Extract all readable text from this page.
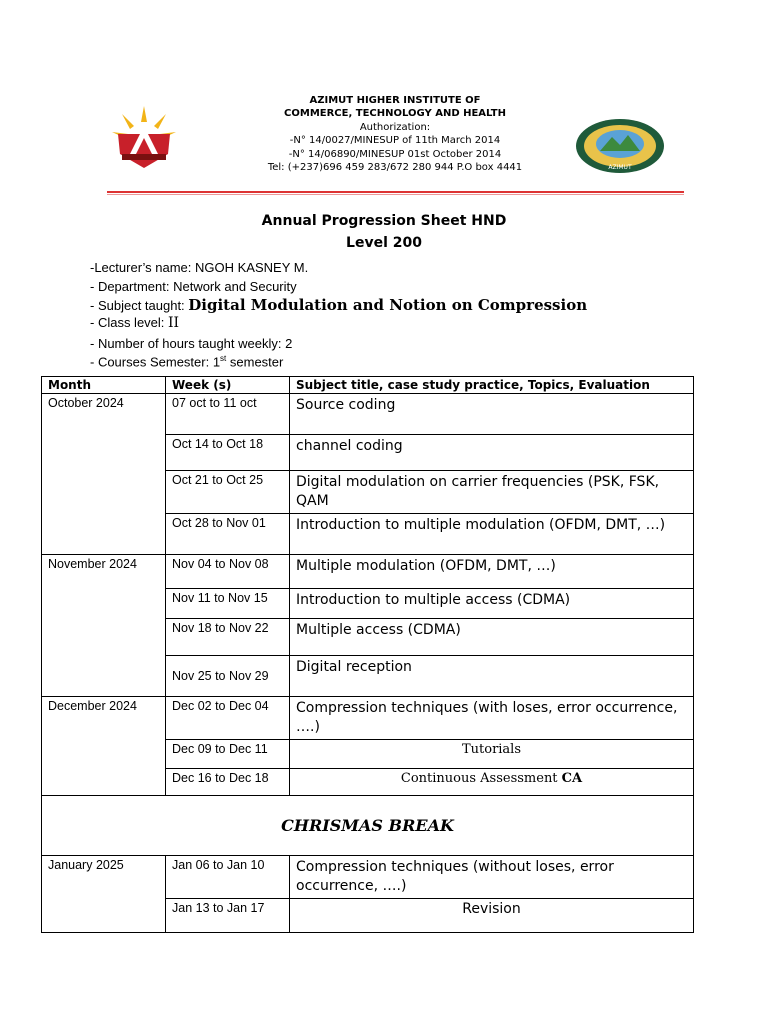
AZIMUT HIGHER INSTITUTE OF
COMMERCE, TECHNOLOGY AND HEALTH
Authorization:
-N° 14/0027/MINESUP of 11th March 2014
-N° 14/06890/MINESUP 01st October 2014
Tel: (+237)696 459 283/672 280 944 P.O box 4441	AZIMUT
Annual Progression Sheet HND
Level 200
-Lecturer’s name: NGOH KASNEY M.
- Department: Network and Security
- Subject taught: Digital Modulation and Notion on Compression
- Class level: II
- Number of hours taught weekly: 2
- Courses Semester: 1st semester
Month	Week (s)	Subject title, case study practice, Topics, Evaluation
October 2024	07 oct to 11 oct	Source coding
	Oct 14 to Oct 18	channel coding
	Oct 21 to Oct 25	Digital modulation on carrier frequencies (PSK, FSK, QAM
	Oct 28 to Nov 01	Introduction to multiple modulation (OFDM, DMT, …)
November 2024	Nov 04 to Nov 08	Multiple modulation (OFDM, DMT, …)
	Nov 11 to Nov 15	Introduction to multiple access (CDMA)
	Nov 18 to Nov 22	Multiple access (CDMA)
	Nov 25 to Nov 29	Digital reception
December 2024	Dec 02 to Dec 04	Compression techniques (with loses, error occurrence, ….)
	Dec 09 to Dec 11	Tutorials
	Dec 16 to Dec 18	Continuous Assessment CA
CHRISMAS BREAK		
January 2025	Jan 06 to Jan 10	Compression techniques (without loses, error occurrence, ….)
	Jan 13 to Jan 17	Revision
